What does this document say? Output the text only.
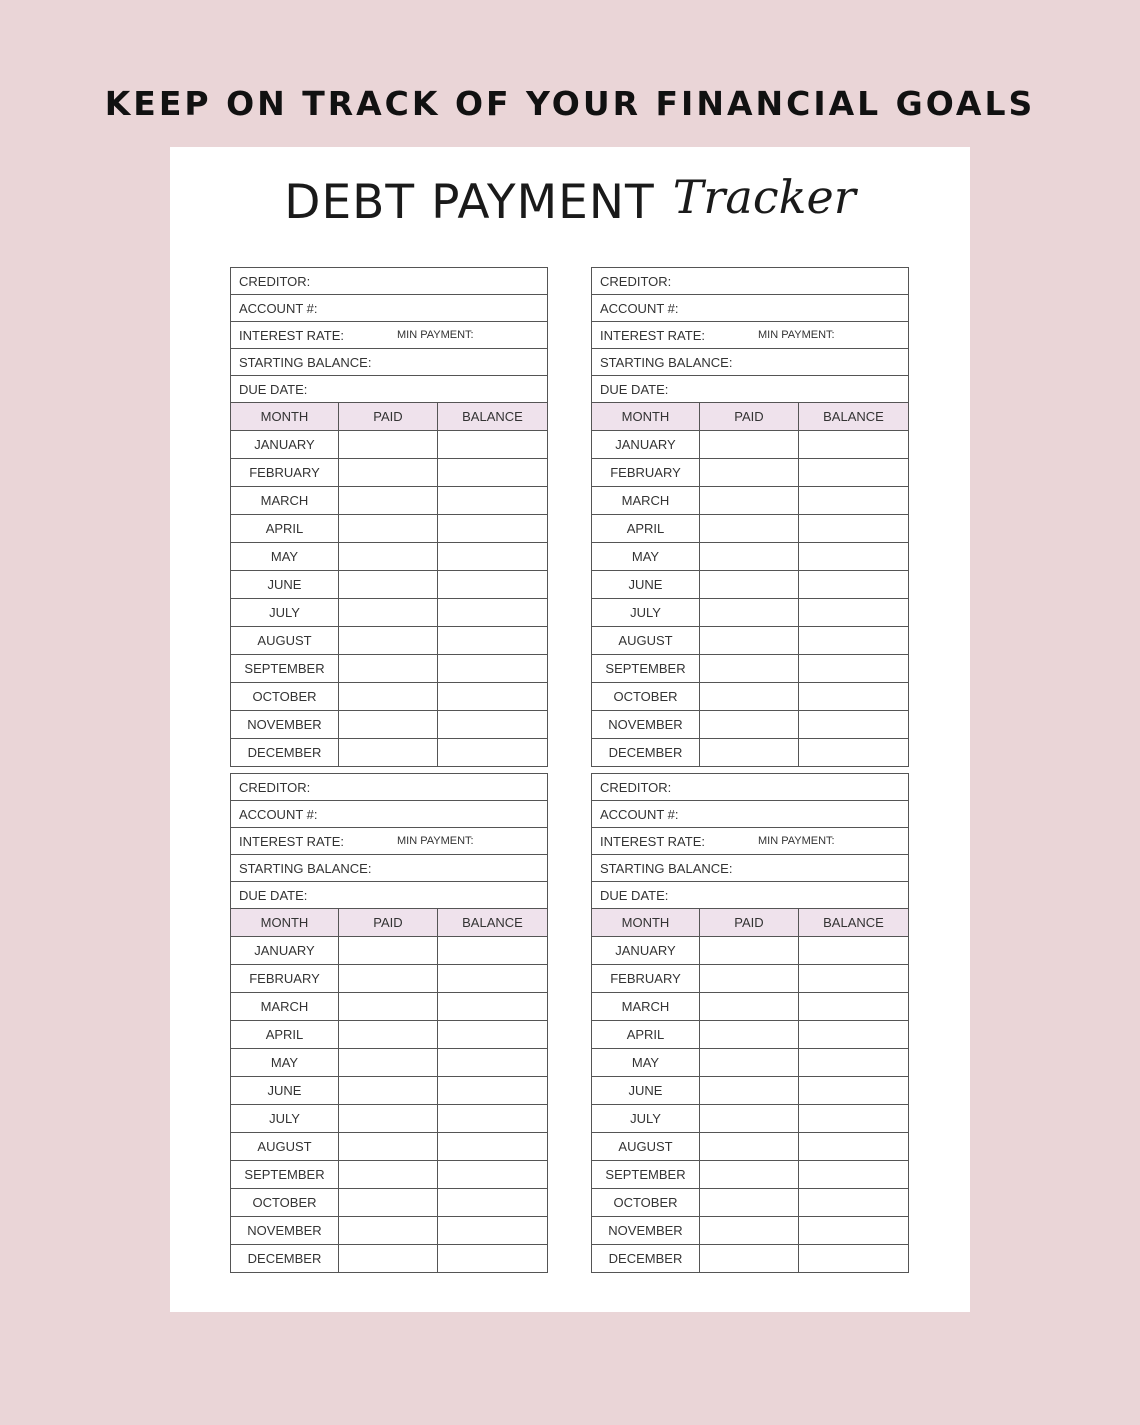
KEEP ON TRACK OF YOUR FINANCIAL GOALS
DEBT PAYMENT Tracker
CREDITOR:
ACCOUNT #:
INTEREST RATE:	MIN PAYMENT:
STARTING BALANCE:
DUE DATE:
MONTH	PAID	BALANCE
JANUARY		
FEBRUARY		
MARCH		
APRIL		
MAY		
JUNE		
JULY		
AUGUST		
SEPTEMBER		
OCTOBER		
NOVEMBER		
DECEMBER		
CREDITOR:
ACCOUNT #:
INTEREST RATE:	MIN PAYMENT:
STARTING BALANCE:
DUE DATE:
MONTH	PAID	BALANCE
JANUARY		
FEBRUARY		
MARCH		
APRIL		
MAY		
JUNE		
JULY		
AUGUST		
SEPTEMBER		
OCTOBER		
NOVEMBER		
DECEMBER		
CREDITOR:
ACCOUNT #:
INTEREST RATE:	MIN PAYMENT:
STARTING BALANCE:
DUE DATE:
MONTH	PAID	BALANCE
JANUARY		
FEBRUARY		
MARCH		
APRIL		
MAY		
JUNE		
JULY		
AUGUST		
SEPTEMBER		
OCTOBER		
NOVEMBER		
DECEMBER		
CREDITOR:
ACCOUNT #:
INTEREST RATE:	MIN PAYMENT:
STARTING BALANCE:
DUE DATE:
MONTH	PAID	BALANCE
JANUARY		
FEBRUARY		
MARCH		
APRIL		
MAY		
JUNE		
JULY		
AUGUST		
SEPTEMBER		
OCTOBER		
NOVEMBER		
DECEMBER		
